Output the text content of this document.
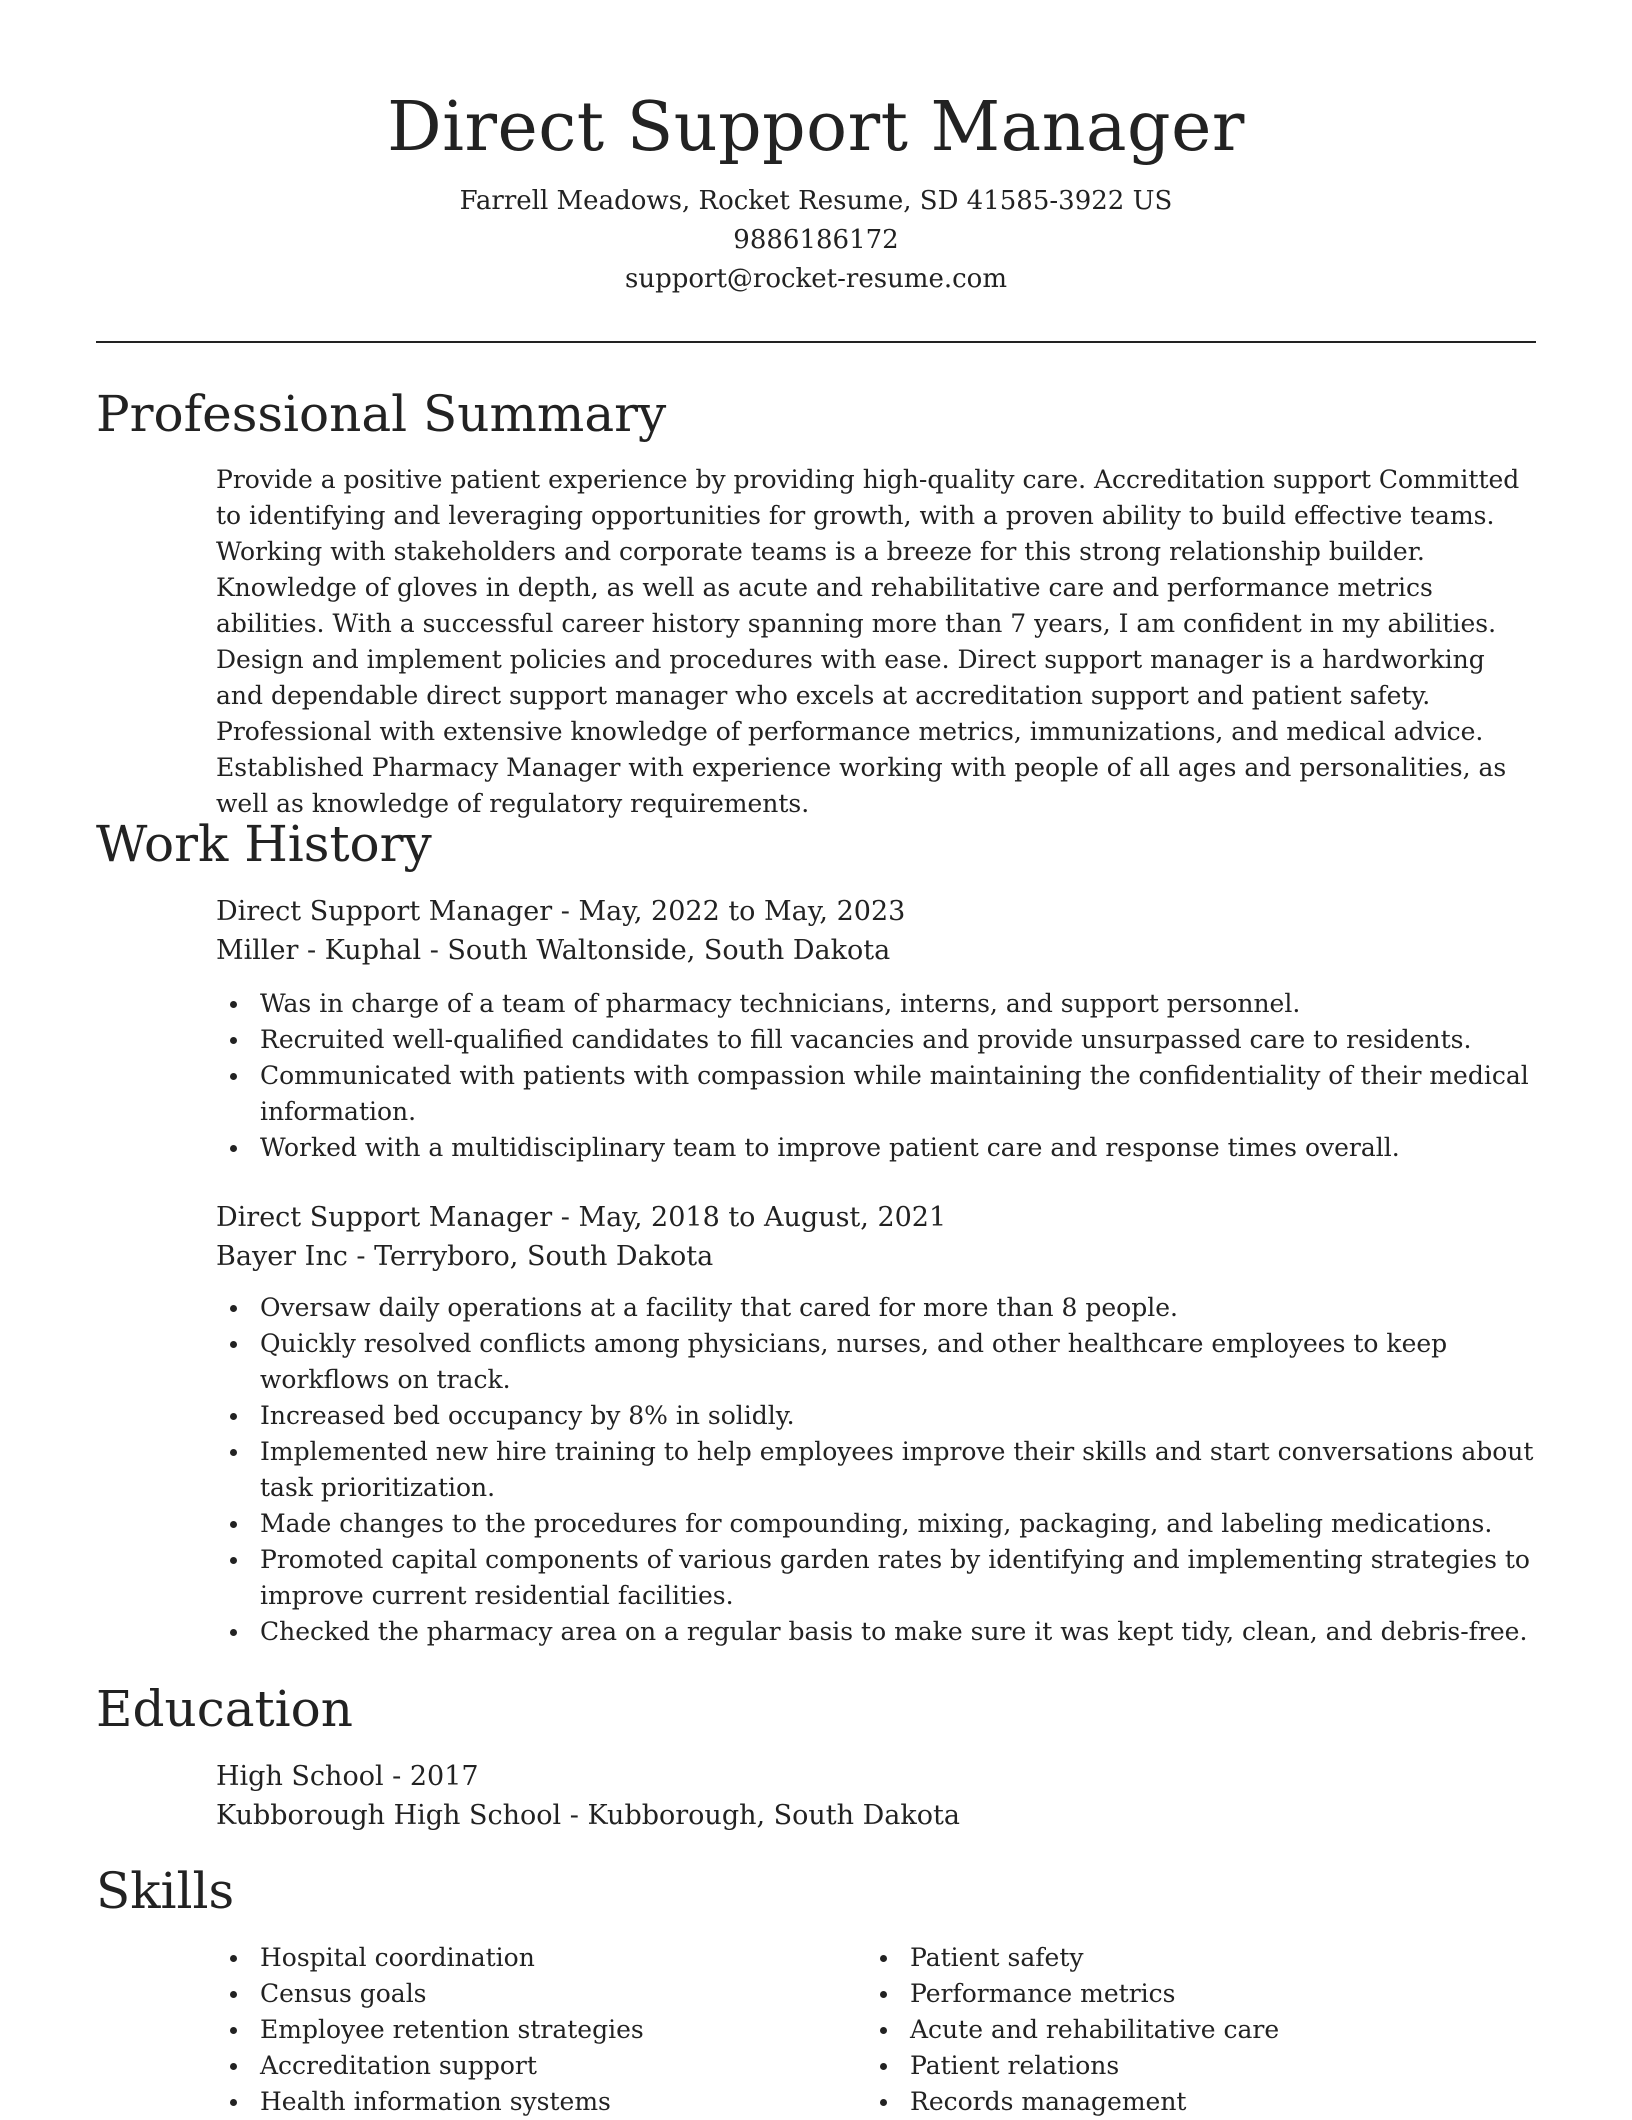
Direct Support Manager
Farrell Meadows, Rocket Resume, SD 41585-3922 US
9886186172
support@rocket-resume.com
Professional Summary
Provide a positive patient experience by providing high-quality care. Accreditation support Committed to identifying and leveraging opportunities for growth, with a proven ability to build effective teams. Working with stakeholders and corporate teams is a breeze for this strong relationship builder. Knowledge of gloves in depth, as well as acute and rehabilitative care and performance metrics abilities. With a successful career history spanning more than 7 years, I am confident in my abilities. Design and implement policies and procedures with ease. Direct support manager is a hardworking and dependable direct support manager who excels at accreditation support and patient safety. Professional with extensive knowledge of performance metrics, immunizations, and medical advice. Established Pharmacy Manager with experience working with people of all ages and personalities, as well as knowledge of regulatory requirements.
Work History
Direct Support Manager - May, 2022 to May, 2023
Miller - Kuphal - South Waltonside, South Dakota
Was in charge of a team of pharmacy technicians, interns, and support personnel.
Recruited well-qualified candidates to fill vacancies and provide unsurpassed care to residents.
Communicated with patients with compassion while maintaining the confidentiality of their medical information.
Worked with a multidisciplinary team to improve patient care and response times overall.
Direct Support Manager - May, 2018 to August, 2021
Bayer Inc - Terryboro, South Dakota
Oversaw daily operations at a facility that cared for more than 8 people.
Quickly resolved conflicts among physicians, nurses, and other healthcare employees to keep workflows on track.
Increased bed occupancy by 8% in solidly.
Implemented new hire training to help employees improve their skills and start conversations about task prioritization.
Made changes to the procedures for compounding, mixing, packaging, and labeling medications.
Promoted capital components of various garden rates by identifying and implementing strategies to improve current residential facilities.
Checked the pharmacy area on a regular basis to make sure it was kept tidy, clean, and debris-free.
Education
High School - 2017
Kubborough High School - Kubborough, South Dakota
Skills
Hospital coordination
Census goals
Employee retention strategies
Accreditation support
Health information systems
Patient safety
Performance metrics
Acute and rehabilitative care
Patient relations
Records management
